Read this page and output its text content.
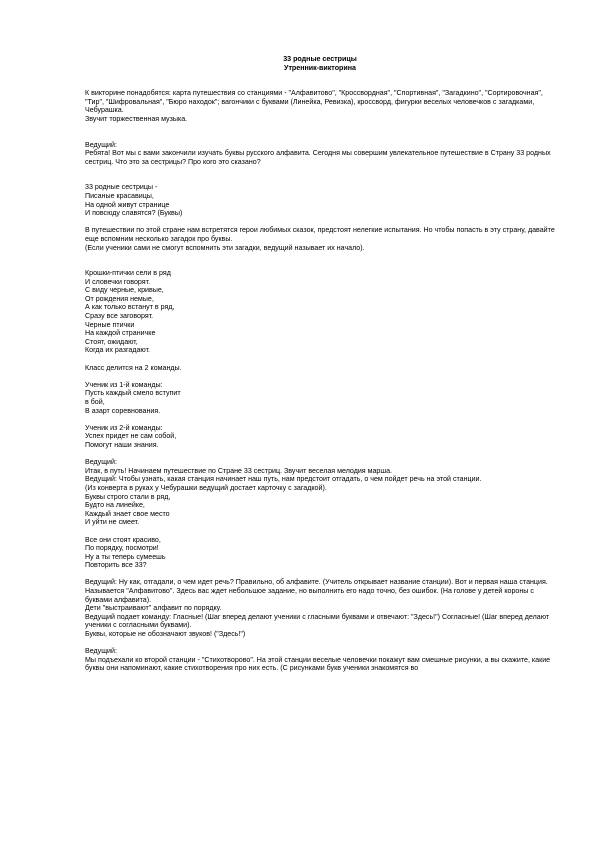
33 родные сестрицы

Утренник-викторина

К викторине понадобятся: карта путешествия со станциями - "Алфавитово", "Кроссвордная", "Спортивная", "Загадкино", "Сортировочная", "Тир", "Шифровальная", "Бюро находок"; вагончики с буквами (Линейка, Ревизка), кроссворд, фигурки веселых человечков с загадками, Чебурашка.
Звучит торжественная музыка.
Ведущий:
Ребята! Вот мы с вами закончили изучать буквы русского алфавита. Сегодня мы совершим увлекательное путешествие в Страну 33 родных сестриц. Что это за сестрицы? Про кого это сказано?
33 родные сестрицы -
Писаные красавицы,
На одной живут странице
И повсюду славятся? (Буквы)
В путешествии по этой стране нам встретятся герои любимых сказок, предстоят нелегкие испытания. Но чтобы попасть в эту страну, давайте еще вспомним несколько загадок про буквы.
(Если ученики сами не смогут вспомнить эти загадки, ведущий называет их начало).
Крошки-птички сели в ряд
И словечки говорят.
С виду черные, кривые,
От рождения немые,
А как только встанут в ряд,
Сразу все заговорят.
Черные птички
На каждой страничке
Стоят, ожидают,
Когда их разгадают.
Класс делится на 2 команды.
Ученик из 1-й команды:
Пусть каждый смело вступит
в бой,
В азарт соревнования.
Ученик из 2-й команды:
Успех придет не сам собой,
Помогут наши знания.
Ведущий:
Итак, в путь! Начинаем путешествие по Стране 33 сестриц. Звучит веселая мелодия марша.
Ведущий: Чтобы узнать, какая станция начинает наш путь, нам предстоит отгадать, о чем пойдет речь на этой станции.
(Из конверта в руках у Чебурашки ведущий достает карточку с загадкой).
Буквы строго стали в ряд,
Будто на линейке,
Каждый знает свое место
И уйти не смеет.
Все они стоят красиво,
По порядку, посмотри!
Ну а ты теперь сумеешь
Повторить все 33?
Ведущий: Ну как, отгадали, о чем идет речь? Правильно, об алфавите. (Учитель открывает название станции). Вот и первая наша станция. Называется "Алфавитово". Здесь вас ждет небольшое задание, но выполнить его надо точно, без ошибок. (На голове у детей короны с буквами алфавита).
Дети "выстраивают" алфавит по порядку.
Ведущий подает команду: Гласные! (Шаг вперед делают ученики с гласными буквами и отвечают: "Здесь!") Согласные! (Шаг вперед делают ученики с согласными буквами).
Буквы, которые не обозначают звуков! ("Здесь!")
Ведущий:
Мы подъехали ко второй станции - "Стихотворово". На этой станции веселые человечки покажут вам смешные рисунки, а вы скажите, какие буквы они напоминают, какие стихотворения про них есть. (С рисунками букв ученики знакомятся во
